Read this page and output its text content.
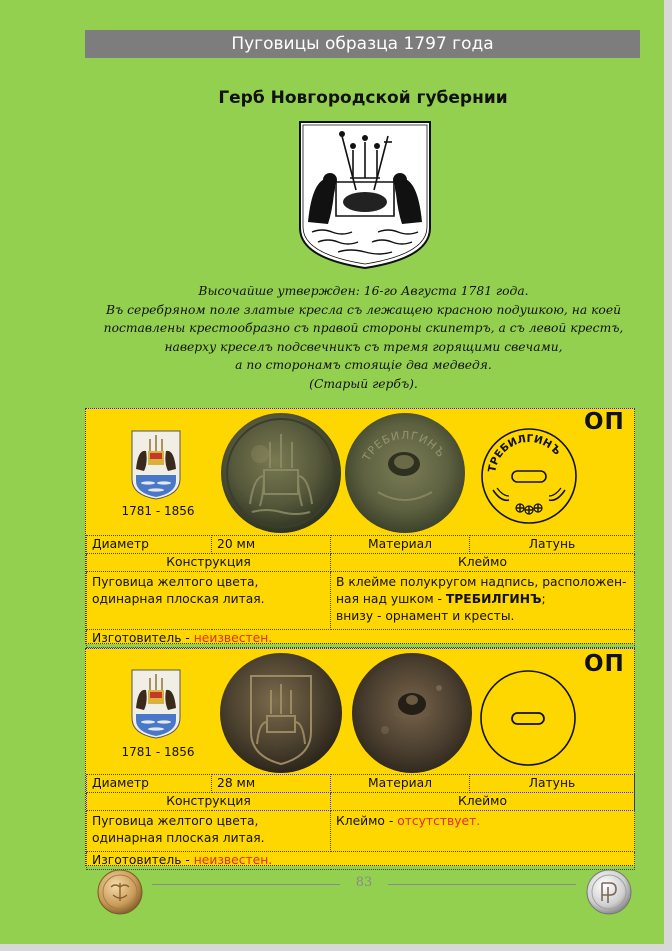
Пуговицы образца 1797 года
Герб Новгородской губернии
Высочайше утвержден: 16-го Августа 1781 года.
Въ серебряном поле златые кресла съ лежащею красною подушкою, на коей
поставлены крестообразно съ правой стороны скипетръ, а съ левой крестъ,
наверху креселъ подсвечникъ съ тремя горящими свечами,
а по сторонамъ стоящiе два медведя.
(Старый гербъ).
1781 - 1856
ТРЕБИЛГИНЪ
ТРЕБИЛГИНЪ
ОП
Диаметр	20 мм	Материал	Латунь
Конструкция		Клеймо	
Пуговица желтого цвета, одинарная плоская литая.		В клейме полукругом надпись, расположен-
ная над ушком - ТРЕБИЛГИНЪ;
внизу - орнамент и кресты.	
Изготовитель - неизвестен.			
1781 - 1856
ОП
Диаметр	28 мм	Материал	Латунь
Конструкция		Клеймо	
Пуговица желтого цвета, одинарная плоская литая.		Клеймо - отсутствует.	
Изготовитель - неизвестен.			
83
